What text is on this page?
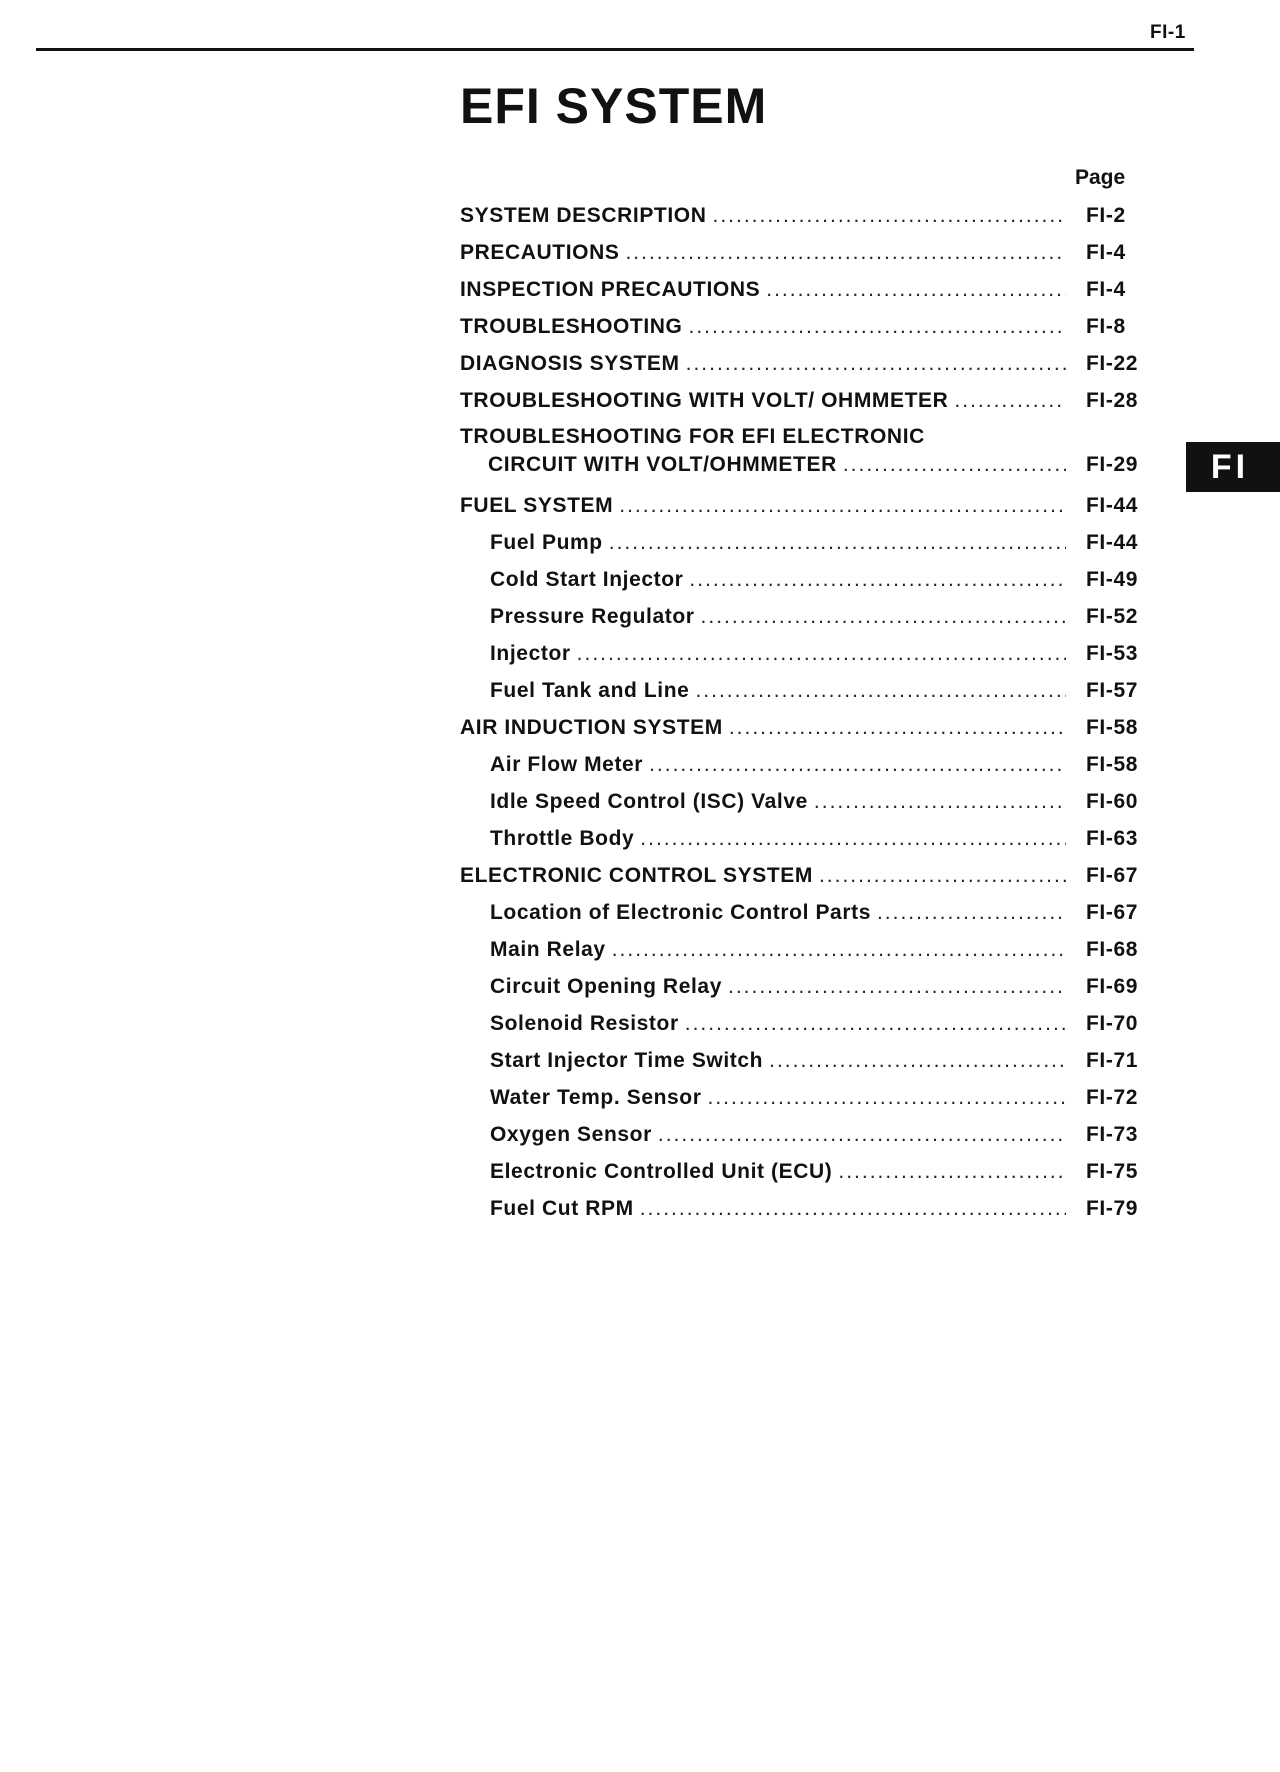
FI-1
EFI SYSTEM
Page
SYSTEM DESCRIPTION .....	FI-2
PRECAUTIONS .....	FI-4
INSPECTION PRECAUTIONS .....	FI-4
TROUBLESHOOTING .....	FI-8
DIAGNOSIS SYSTEM .....	FI-22
TROUBLESHOOTING WITH VOLT/ OHMMETER .....	FI-28
TROUBLESHOOTING FOR EFI ELECTRONIC
CIRCUIT WITH VOLT/OHMMETER .....	FI-29
FUEL SYSTEM .....	FI-44
Fuel Pump .....	FI-44
Cold Start Injector .....	FI-49
Pressure Regulator .....	FI-52
Injector .....	FI-53
Fuel Tank and Line .....	FI-57
AIR INDUCTION SYSTEM .....	FI-58
Air Flow Meter .....	FI-58
Idle Speed Control (ISC) Valve .....	FI-60
Throttle Body .....	FI-63
ELECTRONIC CONTROL SYSTEM .....	FI-67
Location of Electronic Control Parts .....	FI-67
Main Relay .....	FI-68
Circuit Opening Relay .....	FI-69
Solenoid Resistor .....	FI-70
Start Injector Time Switch .....	FI-71
Water Temp. Sensor .....	FI-72
Oxygen Sensor .....	FI-73
Electronic Controlled Unit (ECU) .....	FI-75
Fuel Cut RPM .....	FI-79
FI
